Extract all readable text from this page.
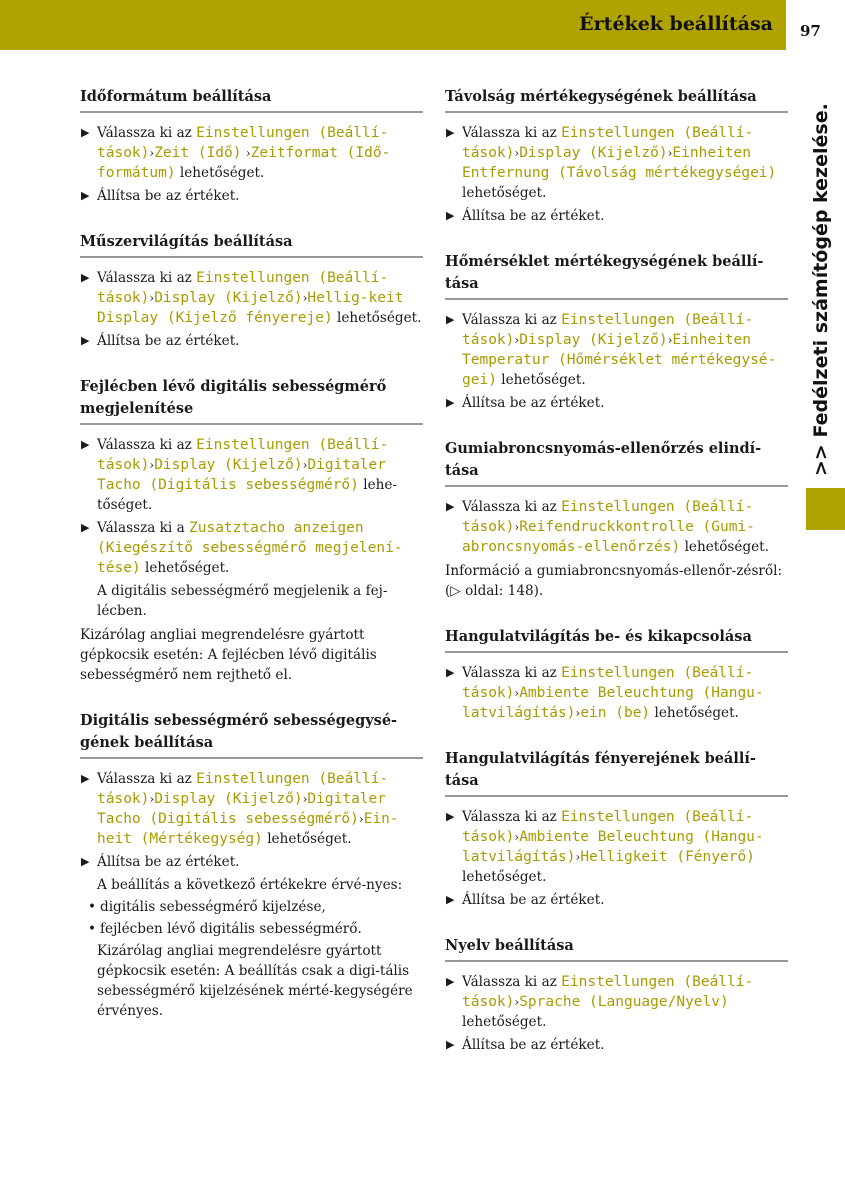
Értékek beállítása 97
>> Fedélzeti számítógép kezelése.
Időformátum beállítása
▶ Válassza ki az Einstellungen (Beállí-tások)›Zeit (Idő) ›Zeitformat (Idő-formátum) lehetőséget.
▶ Állítsa be az értéket.
Műszervilágítás beállítása
▶ Válassza ki az Einstellungen (Beállí-tások)›Display (Kijelző)›Hellig-keit Display (Kijelző fényereje) lehetőséget.
▶ Állítsa be az értéket.
Fejlécben lévő digitális sebességmérő megjelenítése
▶ Válassza ki az Einstellungen (Beállí-tások)›Display (Kijelző)›Digitaler Tacho (Digitális sebességmérő) lehe-tőséget.
▶ Válassza ki a Zusatztacho anzeigen (Kiegészítő sebességmérő megjelení-tése) lehetőséget.
A digitális sebességmérő megjelenik a fej-lécben.

Kizárólag angliai megrendelésre gyártott gépkocsik esetén: A fejlécben lévő digitális sebességmérő nem rejthető el.

Digitális sebességmérő sebességegysé-gének beállítása
▶ Válassza ki az Einstellungen (Beállí-tások)›Display (Kijelző)›Digitaler Tacho (Digitális sebességmérő)›Ein-heit (Mértékegység) lehetőséget.
▶ Állítsa be az értéket.
A beállítás a következő értékekre érvé-nyes:
• digitális sebességmérő kijelzése,
• fejlécben lévő digitális sebességmérő.
Kizárólag angliai megrendelésre gyártott gépkocsik esetén: A beállítás csak a digi-tális sebességmérő kijelzésének mérté-kegységére érvényes.
Távolság mértékegységének beállítása
▶ Válassza ki az Einstellungen (Beállí-tások)›Display (Kijelző)›Einheiten Entfernung (Távolság mértékegységei) lehetőséget.
▶ Állítsa be az értéket.
Hőmérséklet mértékegységének beállí-tása
▶ Válassza ki az Einstellungen (Beállí-tások)›Display (Kijelző)›Einheiten Temperatur (Hőmérséklet mértékegysé-gei) lehetőséget.
▶ Állítsa be az értéket.
Gumiabroncsnyomás-ellenőrzés elindí-tása
▶ Válassza ki az Einstellungen (Beállí-tások)›Reifendruckkontrolle (Gumi-abroncsnyomás-ellenőrzés) lehetőséget.

Információ a gumiabroncsnyomás-ellenőr-zésről: (▷ oldal: 148).

Hangulatvilágítás be- és kikapcsolása
▶ Válassza ki az Einstellungen (Beállí-tások)›Ambiente Beleuchtung (Hangu-latvilágítás)›ein (be) lehetőséget.
Hangulatvilágítás fényerejének beállí-tása
▶ Válassza ki az Einstellungen (Beállí-tások)›Ambiente Beleuchtung (Hangu-latvilágítás)›Helligkeit (Fényerő) lehetőséget.
▶ Állítsa be az értéket.
Nyelv beállítása
▶ Válassza ki az Einstellungen (Beállí-tások)›Sprache (Language/Nyelv) lehetőséget.
▶ Állítsa be az értéket.
